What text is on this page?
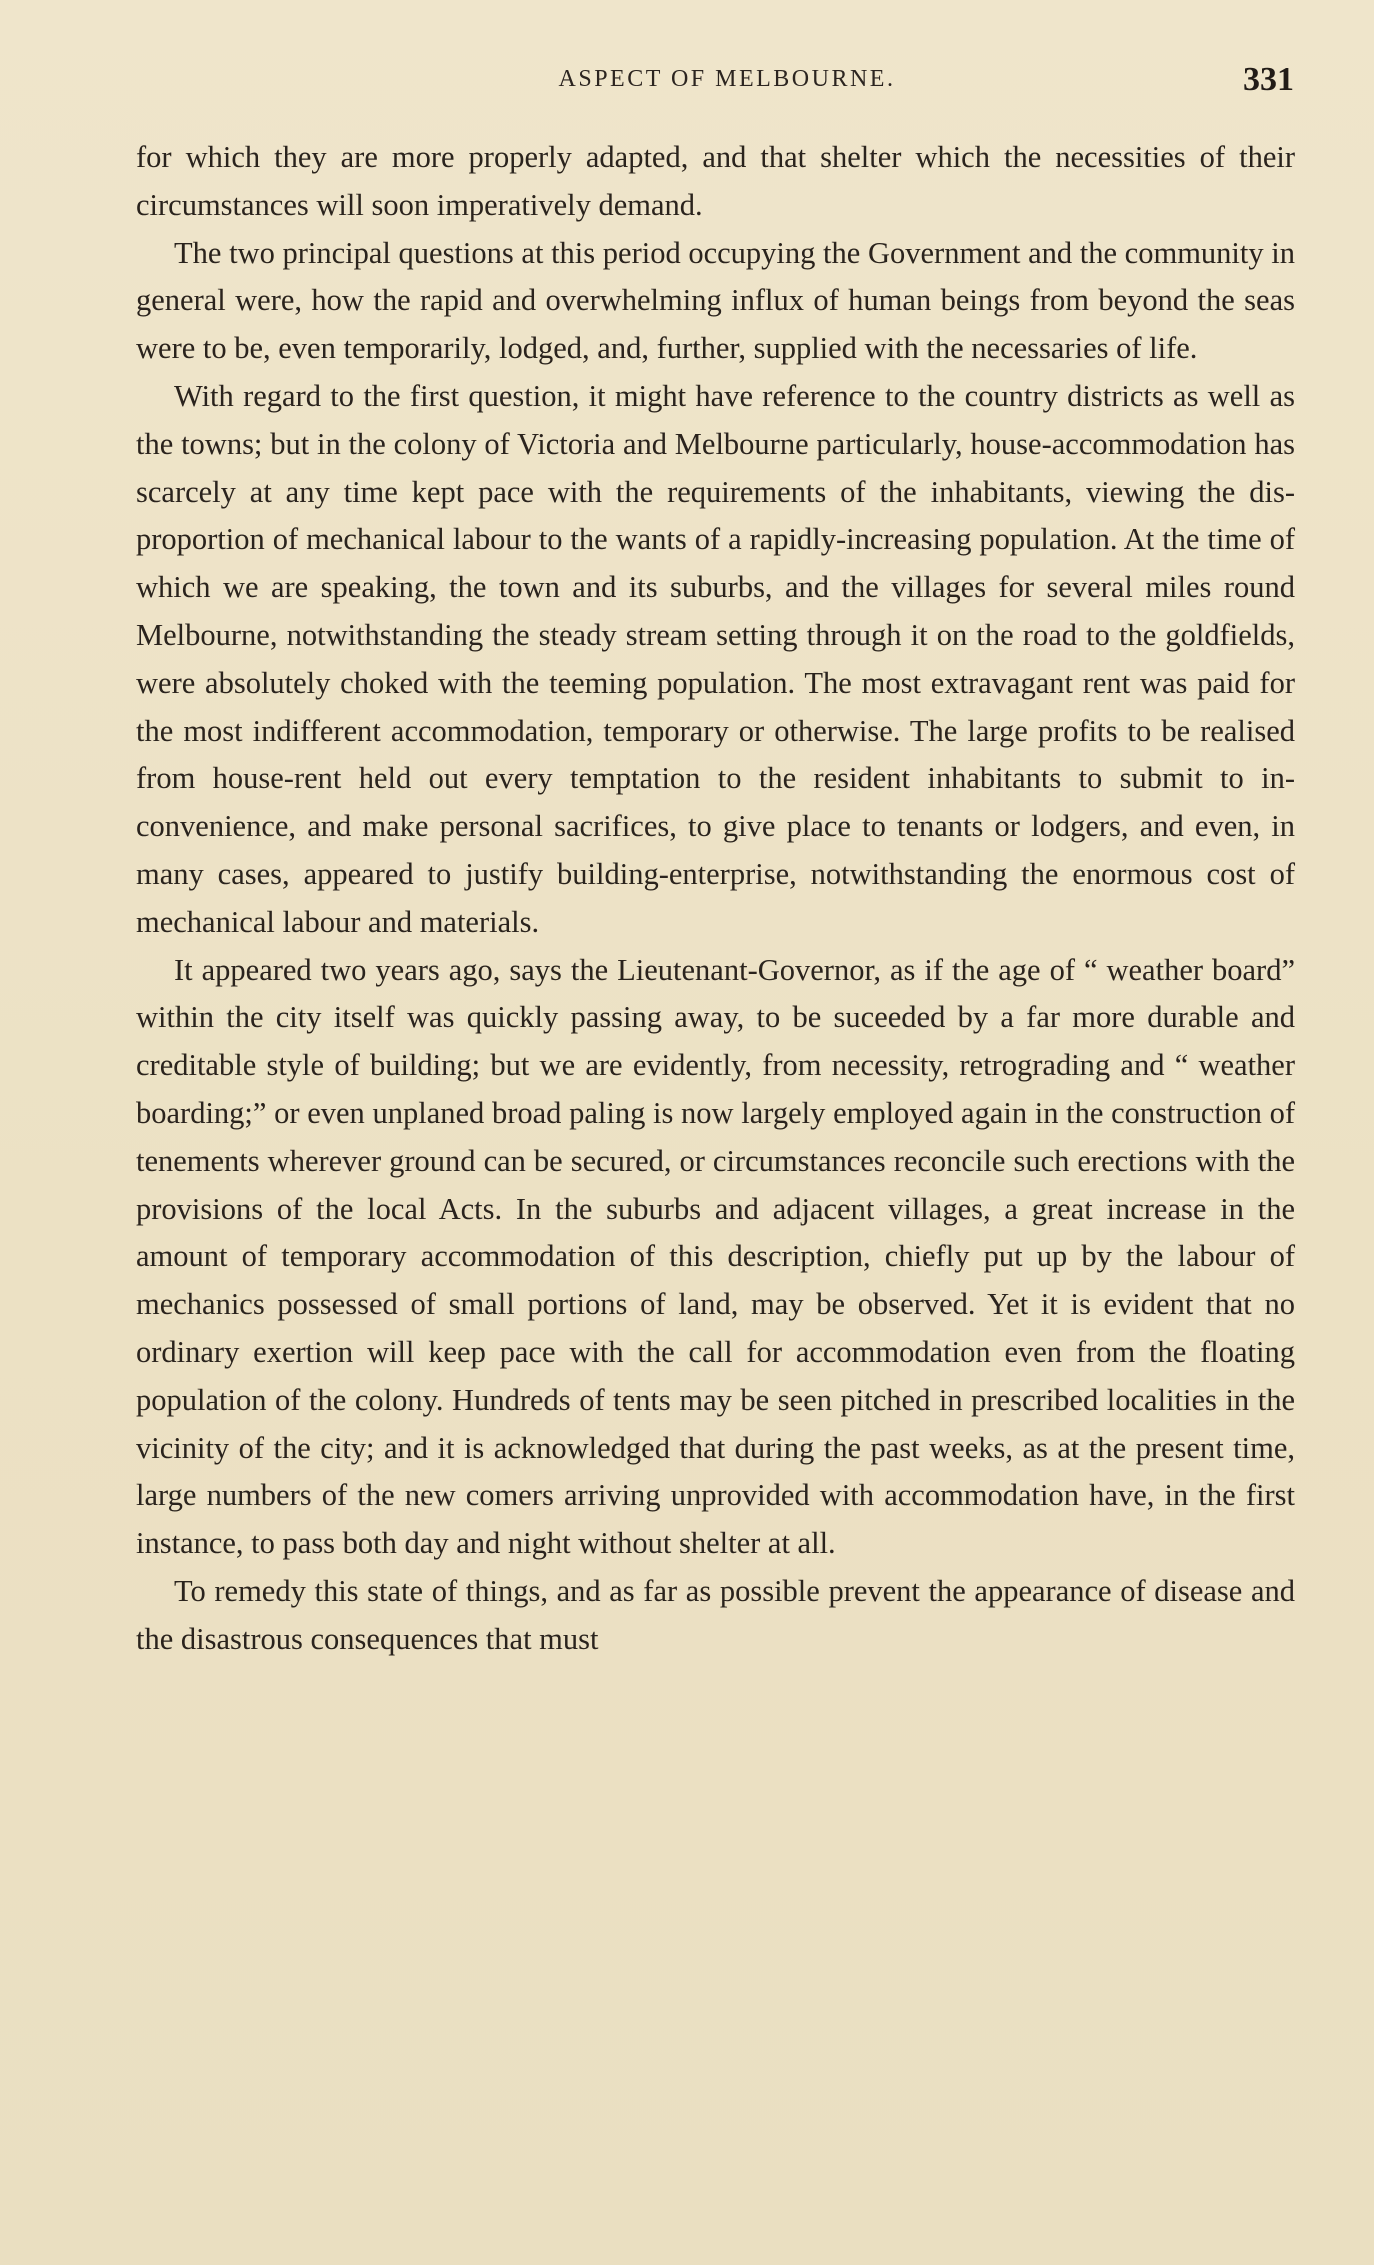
ASPECT OF MELBOURNE.	331

for which they are more properly adapted, and that shelter which the necessities of their circumstances will soon imperatively demand.

The two principal questions at this period occupying the Government and the community in general were, how the rapid and overwhelming influx of human beings from beyond the seas were to be, even temporarily, lodged, and, further, supplied with the necessaries of life.

With regard to the first question, it might have reference to the country districts as well as the towns; but in the colony of Victoria and Melbourne particularly, house-accommodation has scarcely at any time kept pace with the requirements of the inhabitants, viewing the disproportion of mechanical labour to the wants of a rapidly-increasing population. At the time of which we are speaking, the town and its suburbs, and the villages for several miles round Melbourne, notwithstanding the steady stream setting through it on the road to the goldfields, were absolutely choked with the teeming population. The most extravagant rent was paid for the most indifferent accommodation, temporary or otherwise. The large profits to be realised from house-rent held out every temptation to the resident inhabitants to submit to inconvenience, and make personal sacrifices, to give place to tenants or lodgers, and even, in many cases, appeared to justify building-enterprise, notwithstanding the enormous cost of mechanical labour and materials.

It appeared two years ago, says the Lieutenant-Governor, as if the age of “ weather board” within the city itself was quickly passing away, to be suceeded by a far more durable and creditable style of building; but we are evidently, from necessity, retrograding and “ weather boarding;” or even unplaned broad paling is now largely employed again in the construction of tenements wherever ground can be secured, or circumstances reconcile such erections with the provisions of the local Acts. In the suburbs and adjacent villages, a great increase in the amount of temporary accommodation of this description, chiefly put up by the labour of mechanics possessed of small portions of land, may be observed. Yet it is evident that no ordinary exertion will keep pace with the call for accommodation even from the floating population of the colony. Hundreds of tents may be seen pitched in prescribed localities in the vicinity of the city; and it is acknowledged that during the past weeks, as at the present time, large numbers of the new comers arriving unprovided with accommodation have, in the first instance, to pass both day and night without shelter at all.

To remedy this state of things, and as far as possible prevent the appearance of disease and the disastrous consequences that must
